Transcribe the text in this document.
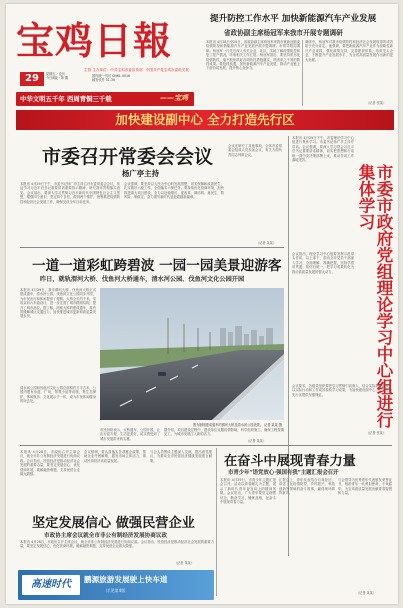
宝鸡日報
主管 主办单位：中共宝鸡市委宣传部 中国共产党宝鸡市委机关报
29	星期五 · 农历
今日8版 · 第 期	国内统一刊号 CN61-0016
邮发代号 51-30
中华文明五千年 西周青铜三千载	——宝鸡
提升防控工作水平 加快新能源汽车产业发展
省政协副主席杨冠军来我市开展专题调研
本报讯 4月28日至29日，省政协副主席杨冠军来我市就新冠肺炎疫情防控和新能源汽车产业发展开展专题调研。市领导陪同调研。杨冠军一行先后深入有关企业、社区，实地了解疫情防控和复工复产情况，听取相关工作汇报。杨冠军指出，要坚持常态化疫情防控，毫不放松抓好各项防控措施落实，巩固来之不易的防控成果。要抢抓机遇，加快新能源汽车产业发展，推动产业链上下游协同发展，提升核心竞争力。
调研中，杨冠军对我市疫情防控和经济社会发展取得的成效给予充分肯定。他强调，要把新能源汽车产业作为战略性新兴产业来抓，强化政策支持，完善配套体系，培育龙头企业，不断提升产业发展水平，为全省高质量发展作出新的更大贡献。
（记者 张某）
加快建设副中心 全力打造先行区
市委召开常委会会议
杨广亭主持
本报讯 4月29日下午，市委书记杨广亭主持召开市委常委会会议，传达学习习近平总书记重要讲话重要指示精神，研究我市贯彻落实意见。会议指出，要深入学习贯彻习近平新时代中国特色社会主义思想，增强四个意识，坚定四个自信，做到两个维护，统筹推进疫情防控和经济社会发展工作，确保完成全年目标任务。
会议强调，要坚持以人民为中心的发展思想，切实保障和改善民生，扎实做好六稳工作，全面落实六保任务。要持续优化营商环境，加快推进重大项目建设，全力以赴稳增长、促改革、调结构、惠民生、防风险、保稳定，奋力谱写新时代追赶超越新篇章。
会议还研究了其他事项。全体市委常委会组成人员参加会议，有关方面负责同志列席会议。
（记者 某某）
本报讯 4月29日下午，市委理论学习中心组进行集体学习。市委书记杨广亭主持并讲话。会议强调，要深入学习领会习近平总书记重要讲话精神，切实把思想和行动统一到中央决策部署上来，推动各项工作落地见效。
市委市政府党组理论学习中心组进行集体学习
会议指出，理论学习中心组要发挥示范带头作用，以上率下，带动全市党员干部深入学习、全面理解、准确把握，坚持学思用贯通、知信行统一，把学习成果转化为推动高质量发展的强大动力。
会议要求，各级党组织要把学习贯彻引向深入，结合实际抓好落实，以实际行动和工作成效检验学习成果，为加快建设副中心、全力打造先行区提供坚强保证。
（记者 张某）
一道一道彩虹跨碧波 一园一园美景迎游客
昨日，就轨渭河大桥、伐鱼河大桥通车，清水河公园、伐鱼河文化公园开园
本报讯 4月29日，我市渭河大桥、伐鱼河大桥正式建成通车，清水河公园、伐鱼河文化公园同步开园，为市民出行和休闲提供了便利。大桥全长约千米，采用双向六车道设计，进一步完善了城市路网结构，提升了城市品位。据了解，两座大桥的建成通车，将有效缓解城区交通压力，加快推进城市更新和高质量发展步伐。
清水河公园和伐鱼河文化公园总面积约万平方米，公园内建有步道、广场、景观小品等设施，集生态保护、休闲娱乐、文化展示于一体，成为市民休闲健身的好去处。
图为刚刚建成通车的渭河大桥及清水河公园美景。 记者 某某 摄
市民纷纷表示，大桥通车、公园开园，让出行更方便、生活更美好，切实感受到了城市发展带来的实惠。
据介绍，项目建设过程中，建设单位克服疫情影响，科学组织施工，确保工程按期完工，为城市发展注入新的活力。
（记者 某某）
本报讯 4月28日，市政协召开主席会议，就全市非公有制经济发展进行协商议政。会议指出，民营经济是推动经济社会发展的重要力量，要坚定发展信心，优化营商环境，破解融资难题，支持民营企业做大做强。
会议强调，要认真落实各项惠企政策，帮助企业纾困解难，激发市场主体活力，推动民营经济高质量发展。
与会人员围绕主题深入交流，提出意见建议，为推动全市民营经济健康发展建言献策。
坚定发展信心 做强民营企业
市政协主席会议就全市非公有制经济发展协商议政
本报讯 4月28日，市政协召开主席会议，就全市非公有制经济发展进行协商议政。会议指出，民营经济是推动经济社会发展的重要力量，要坚定发展信心，优化营商环境，破解融资难题，支持民营企业做大做强。
（记者 某某）
在奋斗中展现青春力量
市青少年“语党放心·强国有我”主题汇报会召开
本报讯 4月29日，市青少年主题汇报会召开。活动以青春献礼为主题，展示了新时代青年奋发向上的精神风貌。会议指出，广大青年要坚定理想信念，勤奋学习，锤炼品格，在奋斗中展现青春力量。
汇报会上，青年代表结合自身经历，讲述了在疫情防控、乡村振兴、科技创新等领域的奋斗故事，赢得现场阵阵掌声。
与会领导为优秀青年代表颁发荣誉证书，勉励青年一代勇担使命、不负韶华，为宝鸡高质量发展贡献青春智慧和力量。
（记者 某某）
高速时代	鹏源旅游发展驶上快车道
详见第4版
